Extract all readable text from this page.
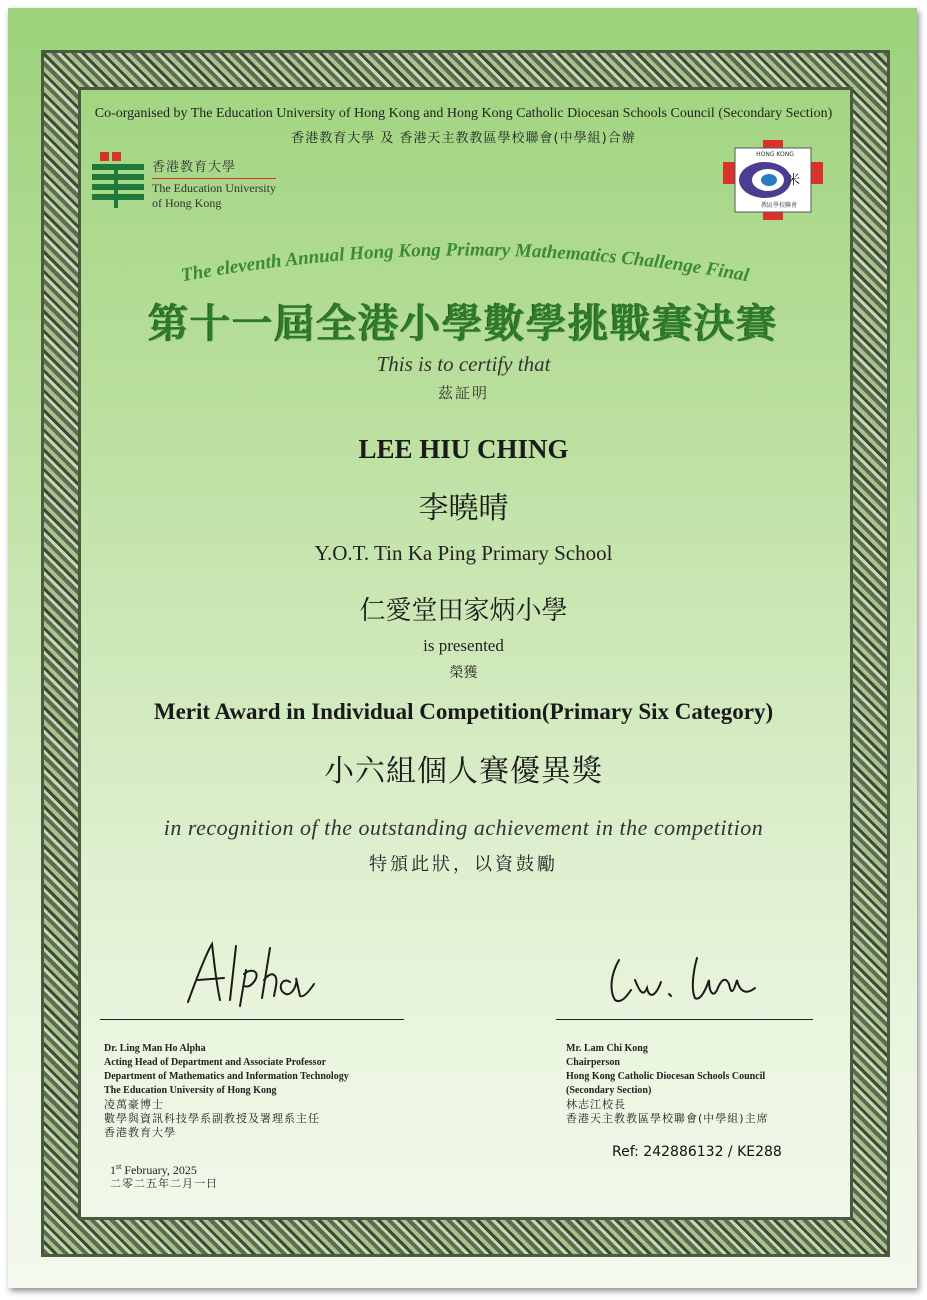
Co-organised by The Education University of Hong Kong and Hong Kong Catholic Diocesan Schools Council (Secondary Section)
香港教育大學 及 香港天主教教區學校聯會(中學組)合辦
香港教育大學
The Education University
of Hong Kong
HONG KONG
米
教區學校聯會
The eleventh Annual Hong Kong Primary Mathematics Challenge Final
第十一屆全港小學數學挑戰賽決賽
This is to certify that
茲証明
LEE HIU CHING
李曉晴
Y.O.T. Tin Ka Ping Primary School
仁愛堂田家炳小學
is presented
榮獲
Merit Award in Individual Competition(Primary Six Category)
小六組個人賽優異獎
in recognition of the outstanding achievement in the competition
特頒此狀，以資鼓勵
Dr. Ling Man Ho Alpha
Acting Head of Department and Associate Professor
Department of Mathematics and Information Technology
The Education University of Hong Kong
凌萬豪博士
數學與資訊科技學系副教授及署理系主任
香港教育大學
Mr. Lam Chi Kong
Chairperson
Hong Kong Catholic Diocesan Schools Council
(Secondary Section)
林志江校長
香港天主教教區學校聯會(中學組)主席
Ref: 242886132 / KE288
1st February, 2025
二零二五年二月一日
